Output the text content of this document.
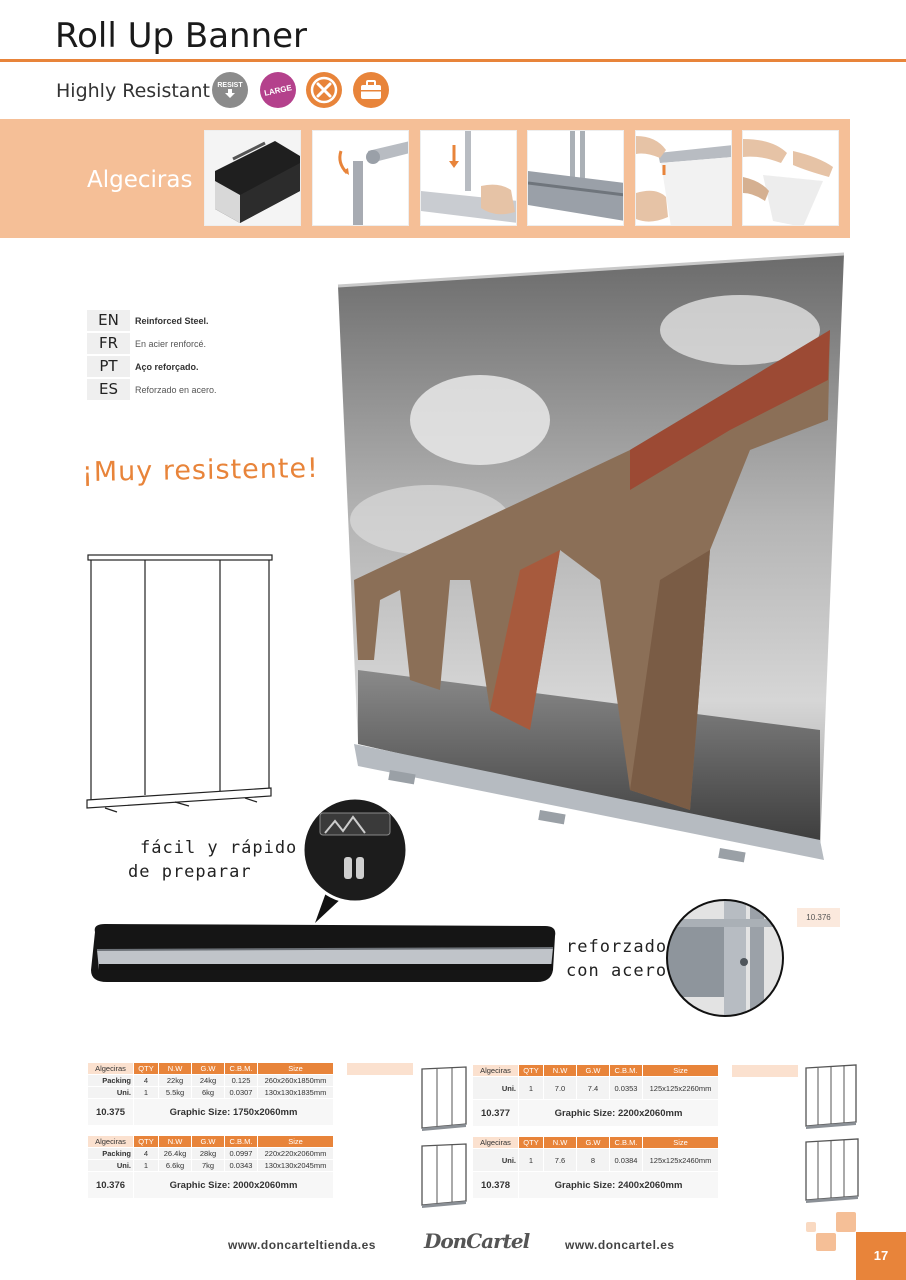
Roll Up Banner
Highly Resistant RESIST	LARGE
Algeciras
EN	Reinforced Steel.
FR	En acier renforcé.
PT	Aço reforçado.
ES	Reforzado en acero.
¡Muy resistente!
fácil y rápido
de preparar
reforzado
con acero
10.376
Algeciras	QTY	N.W	G.W	C.B.M.	Size
Packing	4	22kg	24kg	0.125	260x260x1850mm
Uni.	1	5.5kg	6kg	0.0307	130x130x1835mm
10.375	Graphic Size: 1750x2060mm				
Algeciras	QTY	N.W	G.W	C.B.M.	Size
Packing	4	26.4kg	28kg	0.0997	220x220x2060mm
Uni.	1	6.6kg	7kg	0.0343	130x130x2045mm
10.376	Graphic Size: 2000x2060mm				
Algeciras	QTY	N.W	G.W	C.B.M.	Size
Uni.	1	7.0	7.4	0.0353	125x125x2260mm
10.377	Graphic Size: 2200x2060mm				
Algeciras	QTY	N.W	G.W	C.B.M.	Size
Uni.	1	7.6	8	0.0384	125x125x2460mm
10.378	Graphic Size: 2400x2060mm				
www.doncarteltienda.es DonCartel	www.doncartel.es
17
